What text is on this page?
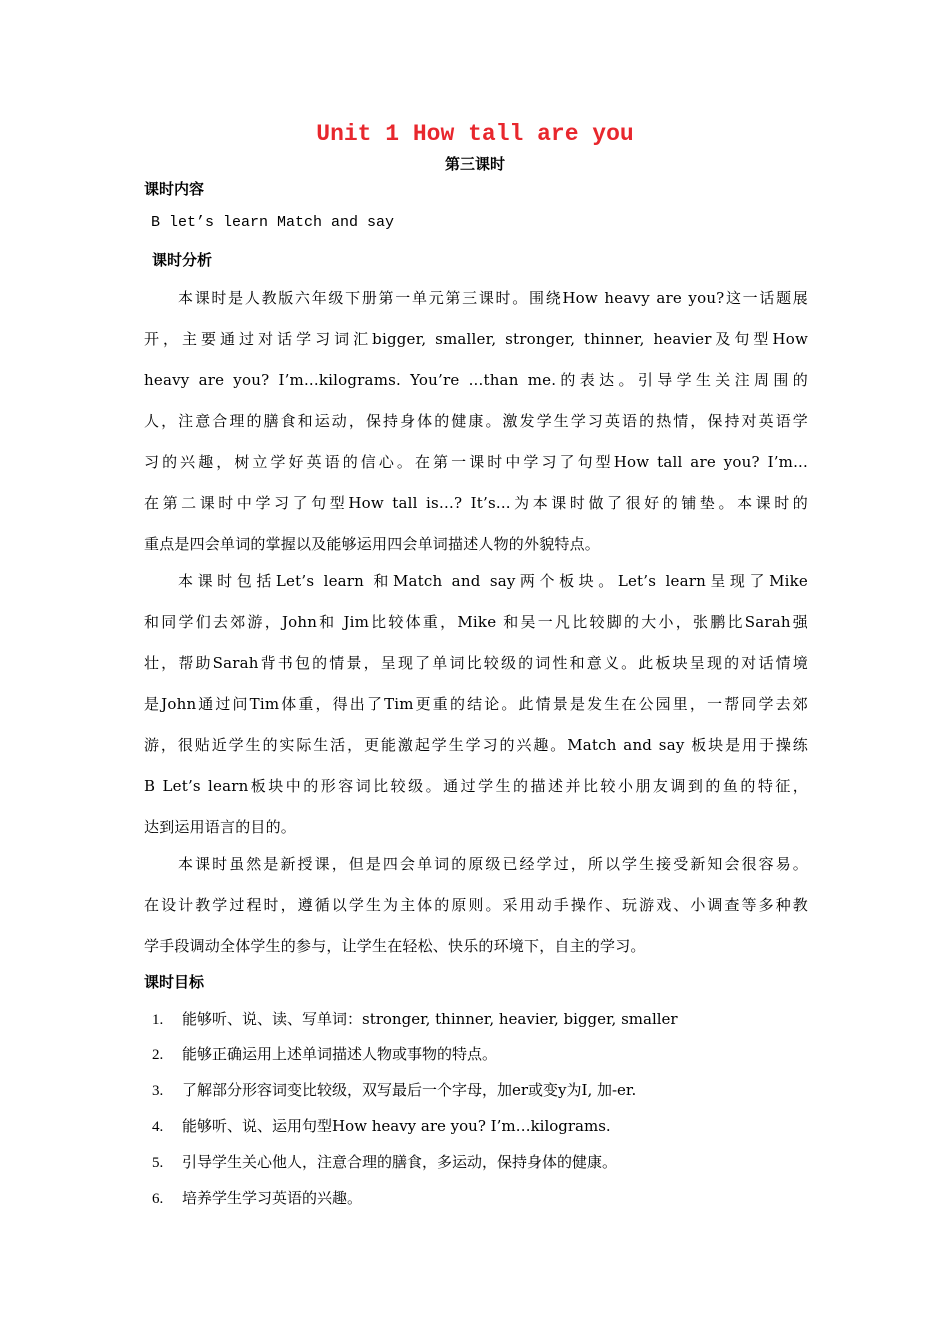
Unit 1 How tall are you
第三课时
课时内容
B let’s learn Match and say
课时分析
本课时是人教版六年级下册第一单元第三课时。围绕How heavy are you?这一话题展
开，主要通过对话学习词汇bigger, smaller, stronger, thinner, heavier及句型How
heavy are you? I’m...kilograms. You’re ...than me.的表达。引导学生关注周围的
人，注意合理的膳食和运动，保持身体的健康。激发学生学习英语的热情，保持对英语学
习的兴趣，树立学好英语的信心。在第一课时中学习了句型How tall are you? I’m...
在第二课时中学习了句型How tall is…? It’s...为本课时做了很好的铺垫。本课时的
重点是四会单词的掌握以及能够运用四会单词描述人物的外貌特点。
本课时包括Let’s learn 和Match and say两个板块。Let’s learn呈现了Mike
和同学们去郊游，John和 Jim比较体重，Mike 和吴一凡比较脚的大小，张鹏比Sarah强
壮，帮助Sarah背书包的情景，呈现了单词比较级的词性和意义。此板块呈现的对话情境
是John通过问Tim体重，得出了Tim更重的结论。此情景是发生在公园里，一帮同学去郊
游，很贴近学生的实际生活，更能激起学生学习的兴趣。Match and say 板块是用于操练
B Let’s learn板块中的形容词比较级。通过学生的描述并比较小朋友调到的鱼的特征，
达到运用语言的目的。
本课时虽然是新授课，但是四会单词的原级已经学过，所以学生接受新知会很容易。
在设计教学过程时，遵循以学生为主体的原则。采用动手操作、玩游戏、小调查等多种教
学手段调动全体学生的参与，让学生在轻松、快乐的环境下，自主的学习。
课时目标
1. 能够听、说、读、写单词：stronger, thinner, heavier, bigger, smaller
2. 能够正确运用上述单词描述人物或事物的特点。
3. 了解部分形容词变比较级，双写最后一个字母，加er或变y为I, 加-er.
4. 能够听、说、运用句型How heavy are you? I’m…kilograms.
5. 引导学生关心他人，注意合理的膳食，多运动，保持身体的健康。
6. 培养学生学习英语的兴趣。
